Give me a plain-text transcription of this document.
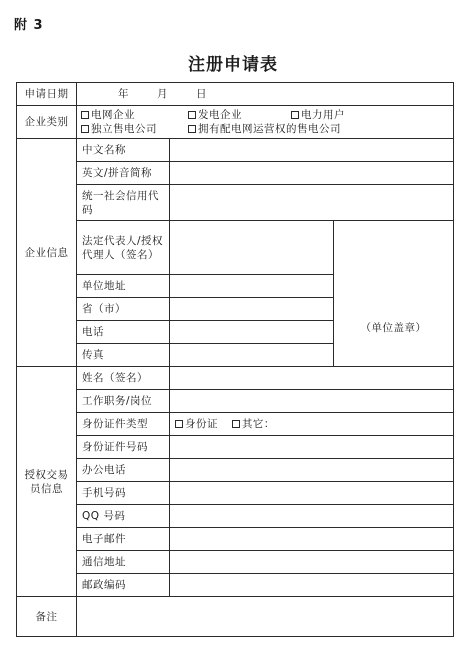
附 3
注册申请表
申请日期	年 月 日		
企业类别	电网企业 发电企业 电力用户
独立售电公司 拥有配电网运营权的售电公司		

企业信息	中文名称		
	英文/拼音简称		
	统一社会信用代码		
	法定代表人/授权代理人（签名）		（单位盖章）

	单位地址		
	省（市）		
	电话		
	传真		
授权交易员信息	姓名（签名）		
	工作职务/岗位		
	身份证件类型	身份证 其它：	
	身份证件号码		
	办公电话		
	手机号码		
	QQ 号码		
	电子邮件		
	通信地址		
	邮政编码		
备注			
